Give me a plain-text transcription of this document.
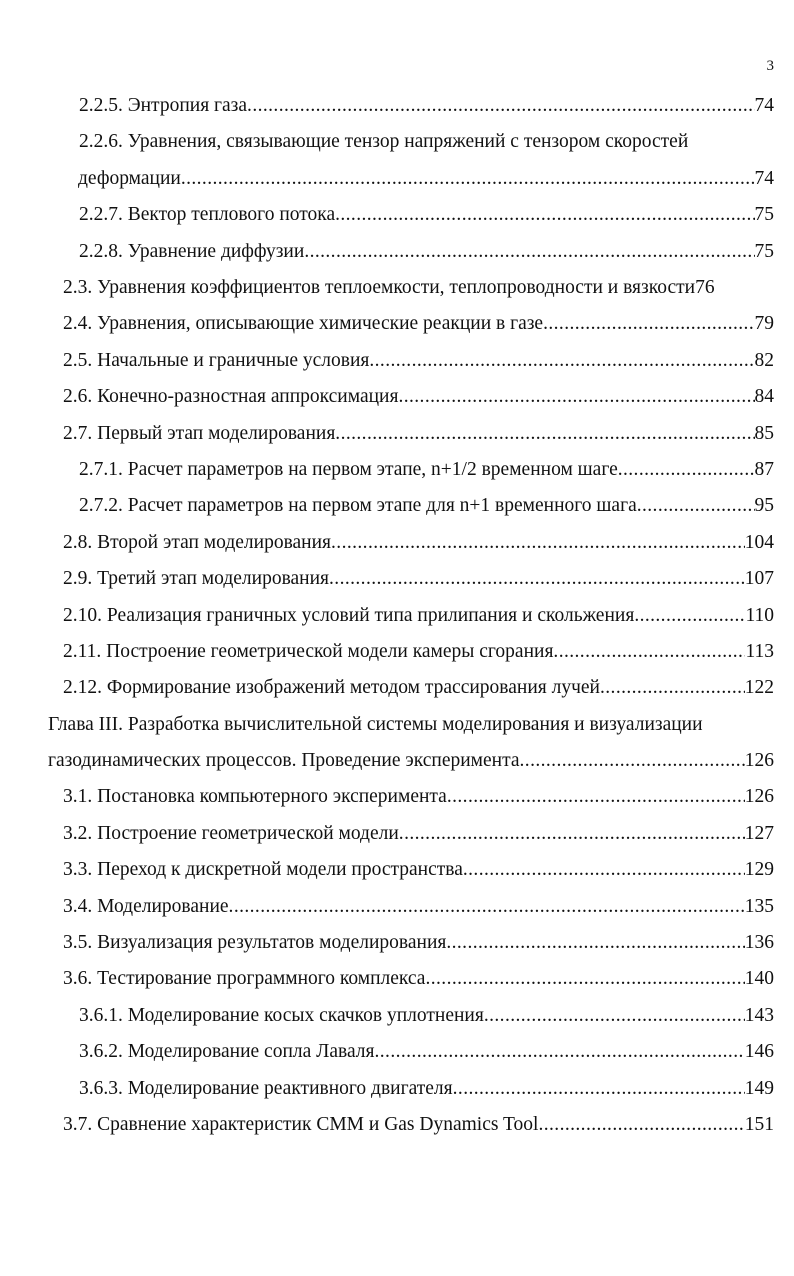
3
2.2.5. Энтропия газа .....	74
2.2.6. Уравнения, связывающие тензор напряжений с тензором скоростей
деформации .....	74
2.2.7. Вектор теплового потока .....	75
2.2.8. Уравнение диффузии .....	75
2.3. Уравнения коэффициентов теплоемкости, теплопроводности и вязкости 76
2.4. Уравнения, описывающие химические реакции в газе .....	79
2.5. Начальные и граничные условия .....	82
2.6. Конечно-разностная аппроксимация .....	84
2.7. Первый этап моделирования .....	85
2.7.1. Расчет параметров на первом этапе, n+1/2 временном шаге .....	87
2.7.2. Расчет параметров на первом этапе для n+1 временного шага .....	95
2.8. Второй этап моделирования .....	104
2.9. Третий этап моделирования .....	107
2.10. Реализация граничных условий типа прилипания и скольжения .....	110
2.11. Построение геометрической модели камеры сгорания .....	113
2.12. Формирование изображений методом трассирования лучей .....	122
Глава III. Разработка вычислительной системы моделирования и визуализации
газодинамических процессов. Проведение эксперимента .....	126
3.1. Постановка компьютерного эксперимента .....	126
3.2. Построение геометрической модели .....	127
3.3. Переход к дискретной модели пространства .....	129
3.4. Моделирование .....	135
3.5. Визуализация результатов моделирования .....	136
3.6. Тестирование программного комплекса .....	140
3.6.1. Моделирование косых скачков уплотнения .....	143
3.6.2. Моделирование сопла Лаваля .....	146
3.6.3. Моделирование реактивного двигателя .....	149
3.7. Сравнение характеристик CMM и Gas Dynamics Tool .....	151
